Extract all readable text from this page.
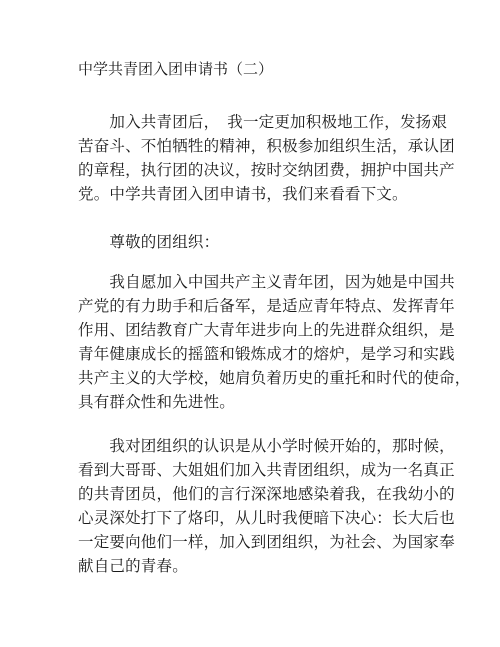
中学共青团入团申请书（二）
　　加入共青团后，　我一定更加积极地工作，发扬艰
苦奋斗、不怕牺牲的精神，积极参加组织生活，承认团
的章程，执行团的决议，按时交纳团费，拥护中国共产
党。中学共青团入团申请书，我们来看看下文。
　　尊敬的团组织：
　　我自愿加入中国共产主义青年团，因为她是中国共
产党的有力助手和后备军，是适应青年特点、发挥青年
作用、团结教育广大青年进步向上的先进群众组织，是
青年健康成长的摇篮和锻炼成才的熔炉，是学习和实践
共产主义的大学校，她肩负着历史的重托和时代的使命，
具有群众性和先进性。
　　我对团组织的认识是从小学时候开始的，那时候，
看到大哥哥、大姐姐们加入共青团组织，成为一名真正
的共青团员，他们的言行深深地感染着我，在我幼小的
心灵深处打下了烙印，从儿时我便暗下决心：长大后也
一定要向他们一样，加入到团组织，为社会、为国家奉
献自己的青春。
